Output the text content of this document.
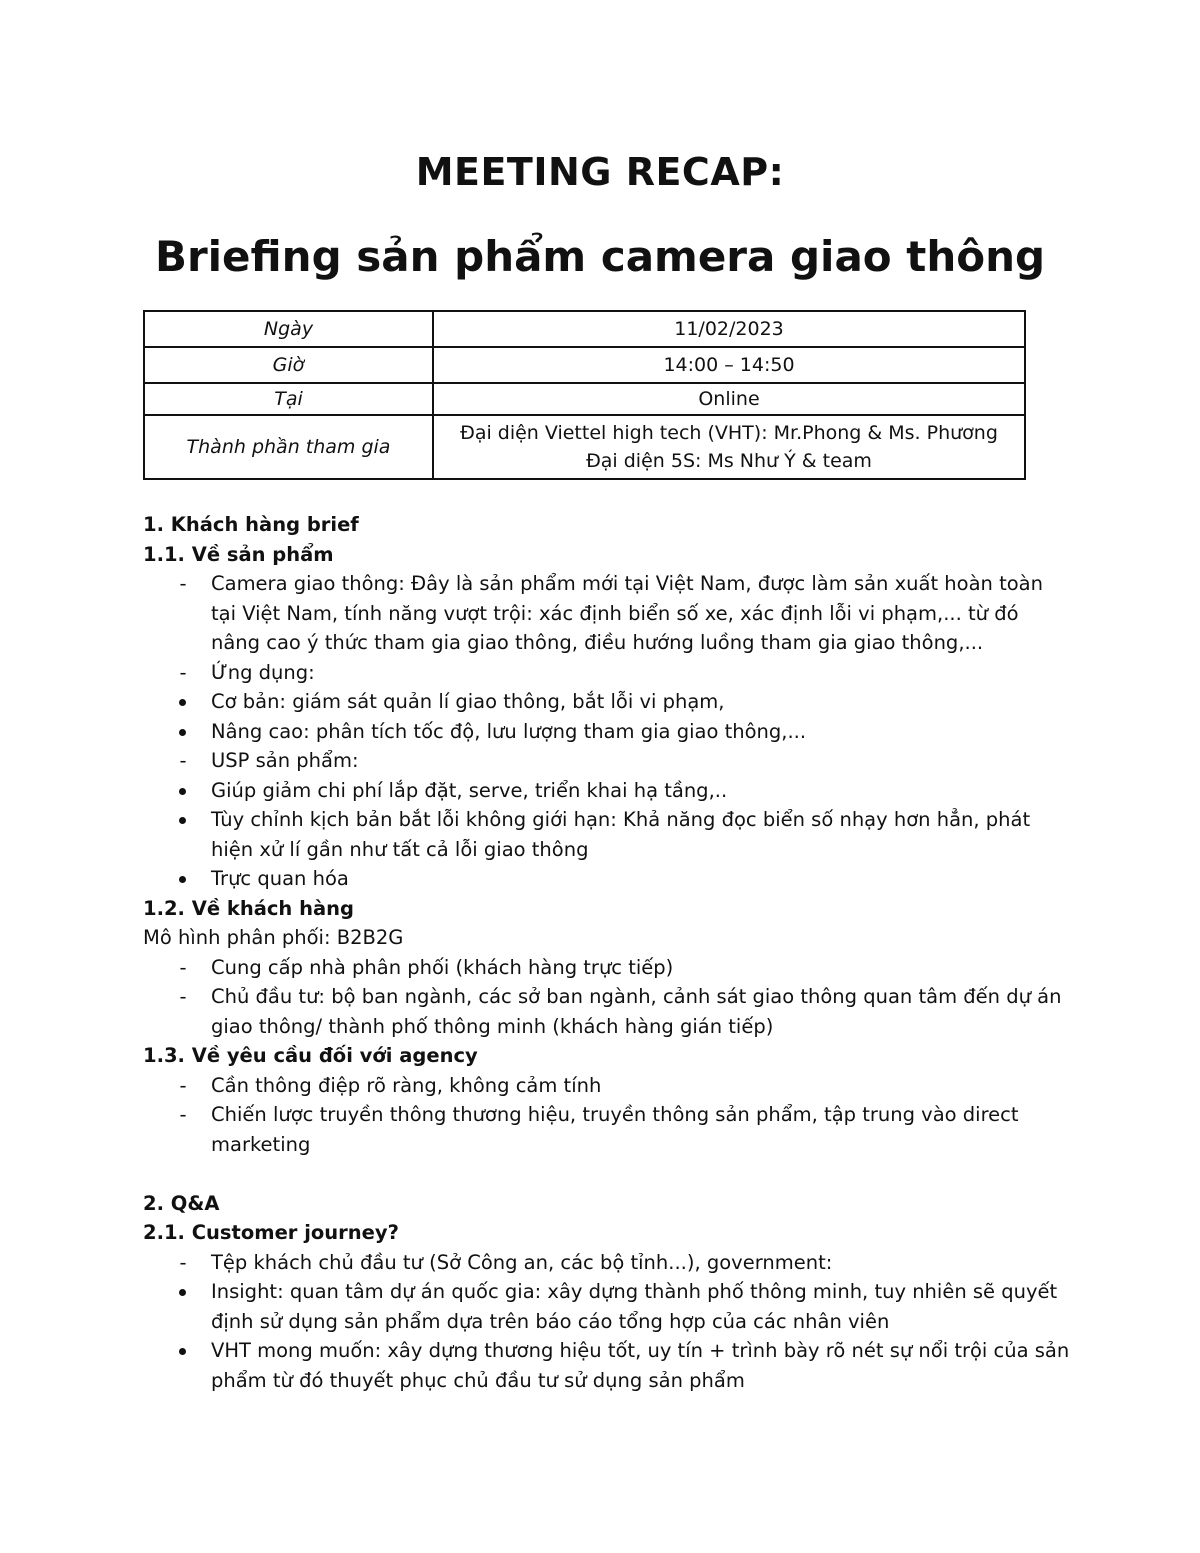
MEETING RECAP:
Briefing sản phẩm camera giao thông
Ngày	11/02/2023
Giờ	14:00 – 14:50
Tại	Online
Thành phần tham gia	Đại diện Viettel high tech (VHT): Mr.Phong & Ms. Phương
Đại diện 5S: Ms Như Ý & team
1. Khách hàng brief
1.1. Về sản phẩm
-	Camera giao thông: Đây là sản phẩm mới tại Việt Nam, được làm sản xuất hoàn toàn tại Việt Nam, tính năng vượt trội: xác định biển số xe, xác định lỗi vi phạm,... từ đó nâng cao ý thức tham gia giao thông, điều hướng luồng tham gia giao thông,...
-	Ứng dụng:
Cơ bản: giám sát quản lí giao thông, bắt lỗi vi phạm,
Nâng cao: phân tích tốc độ, lưu lượng tham gia giao thông,...
-	USP sản phẩm:
Giúp giảm chi phí lắp đặt, serve, triển khai hạ tầng,..
Tùy chỉnh kịch bản bắt lỗi không giới hạn: Khả năng đọc biển số nhạy hơn hẳn, phát hiện xử lí gần như tất cả lỗi giao thông
Trực quan hóa
1.2. Về khách hàng
Mô hình phân phối: B2B2G
-	Cung cấp nhà phân phối (khách hàng trực tiếp)
-	Chủ đầu tư: bộ ban ngành, các sở ban ngành, cảnh sát giao thông quan tâm đến dự án giao thông/ thành phố thông minh (khách hàng gián tiếp)
1.3. Về yêu cầu đối với agency
-	Cần thông điệp rõ ràng, không cảm tính
-	Chiến lược truyền thông thương hiệu, truyền thông sản phẩm, tập trung vào direct marketing
2. Q&A
2.1. Customer journey?
-	Tệp khách chủ đầu tư (Sở Công an, các bộ tỉnh...), government:
Insight: quan tâm dự án quốc gia: xây dựng thành phố thông minh, tuy nhiên sẽ quyết định sử dụng sản phẩm dựa trên báo cáo tổng hợp của các nhân viên
VHT mong muốn: xây dựng thương hiệu tốt, uy tín + trình bày rõ nét sự nổi trội của sản phẩm từ đó thuyết phục chủ đầu tư sử dụng sản phẩm
